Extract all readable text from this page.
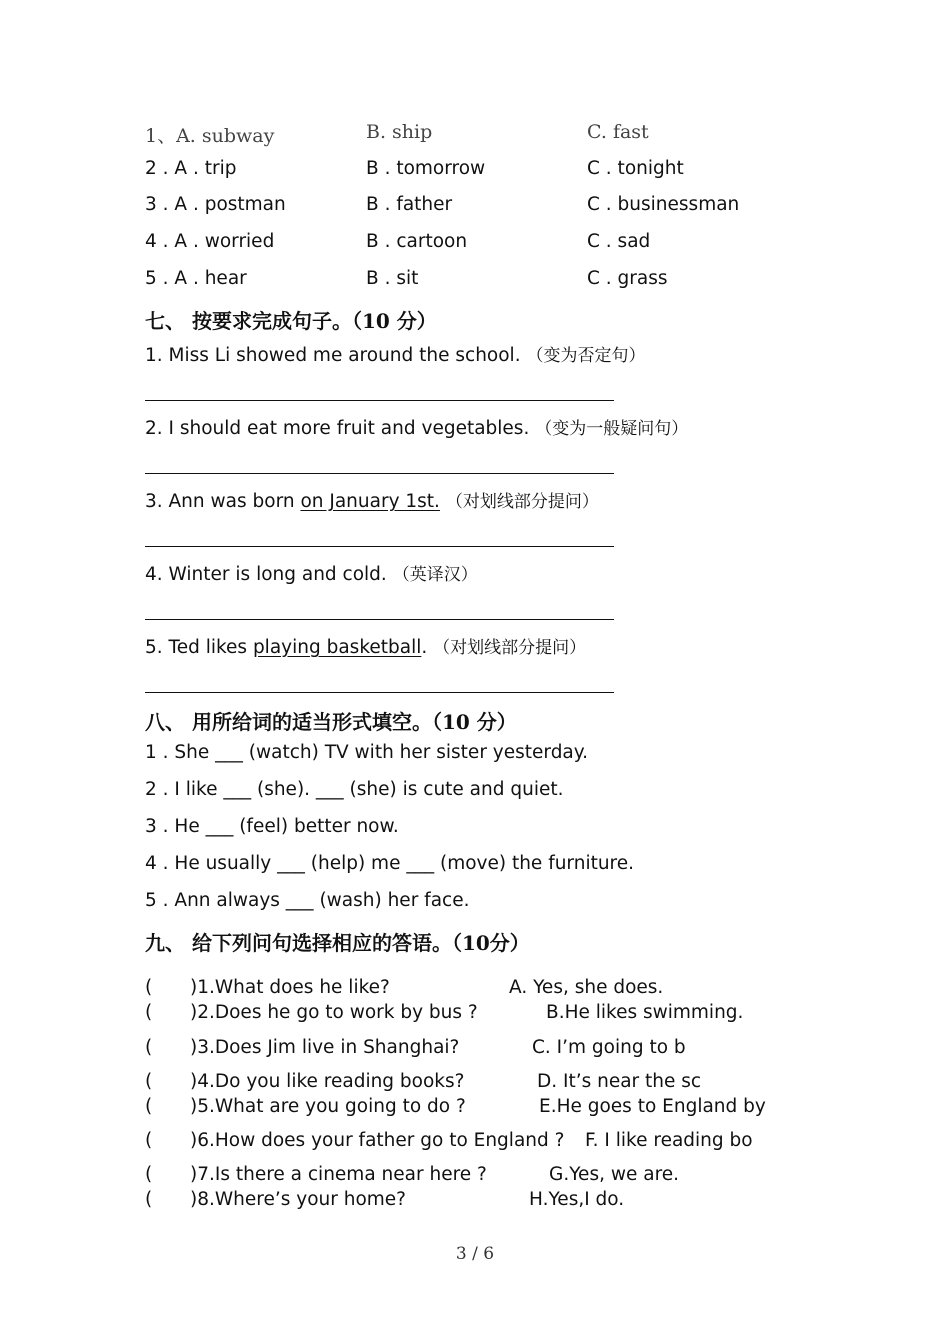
1、A. subway	B. ship	C. fast
2 . A . trip	B . tomorrow	C . tonight
3 . A . postman	B . father	C . businessman
4 . A . worried	B . cartoon	C . sad
5 . A . hear	B . sit	C . grass
七、 按要求完成句子。（10 分）
1. Miss Li showed me around the school. （变为否定句）
2. I should eat more fruit and vegetables. （变为一般疑问句）
3. Ann was born on January 1st. （对划线部分提问）
4. Winter is long and cold. （英译汉）
5. Ted likes playing basketball. （对划线部分提问）
八、 用所给词的适当形式填空。（10 分）
1 . She ___ (watch) TV with her sister yesterday.
2 . I like ___ (she). ___ (she) is cute and quiet.
3 . He ___ (feel) better now.
4 . He usually ___ (help) me ___ (move) the furniture.
5 . Ann always ___ (wash) her face.
九、 给下列问句选择相应的答语。（10分）
( )1.What does he like?	A. Yes, she does.
( )2.Does he go to work by bus ?	B.He likes swimming.
( )3.Does Jim live in Shanghai?	C. I’m going to b
( )4.Do you like reading books?	D. It’s near the sc
( )5.What are you going to do ?	E.He goes to England by
( )6.How does your father go to England ? F. I like reading bo
( )7.Is there a cinema near here ?	G.Yes, we are.
( )8.Where’s your home?	H.Yes,I do.
3 / 6
